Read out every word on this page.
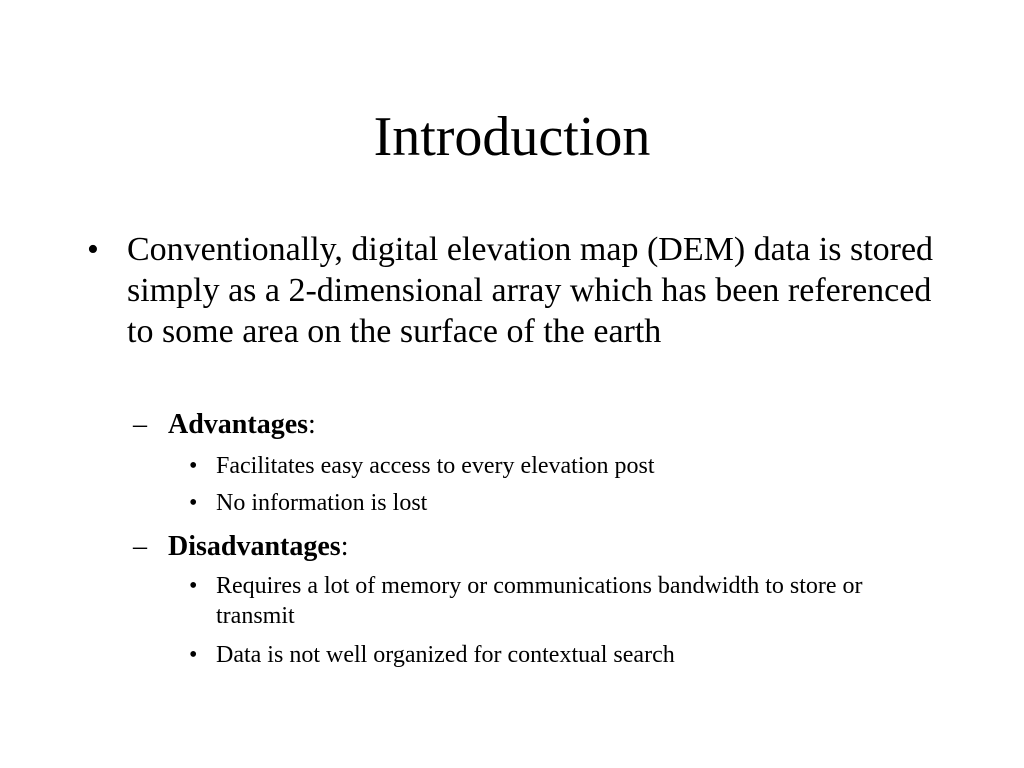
Introduction
• Conventionally, digital elevation map (DEM) data is stored simply as a 2-dimensional array which has been referenced to some area on the surface of the earth
– Advantages:
• Facilitates easy access to every elevation post
• No information is lost
– Disadvantages:
• Requires a lot of memory or communications bandwidth to store or transmit
• Data is not well organized for contextual search
